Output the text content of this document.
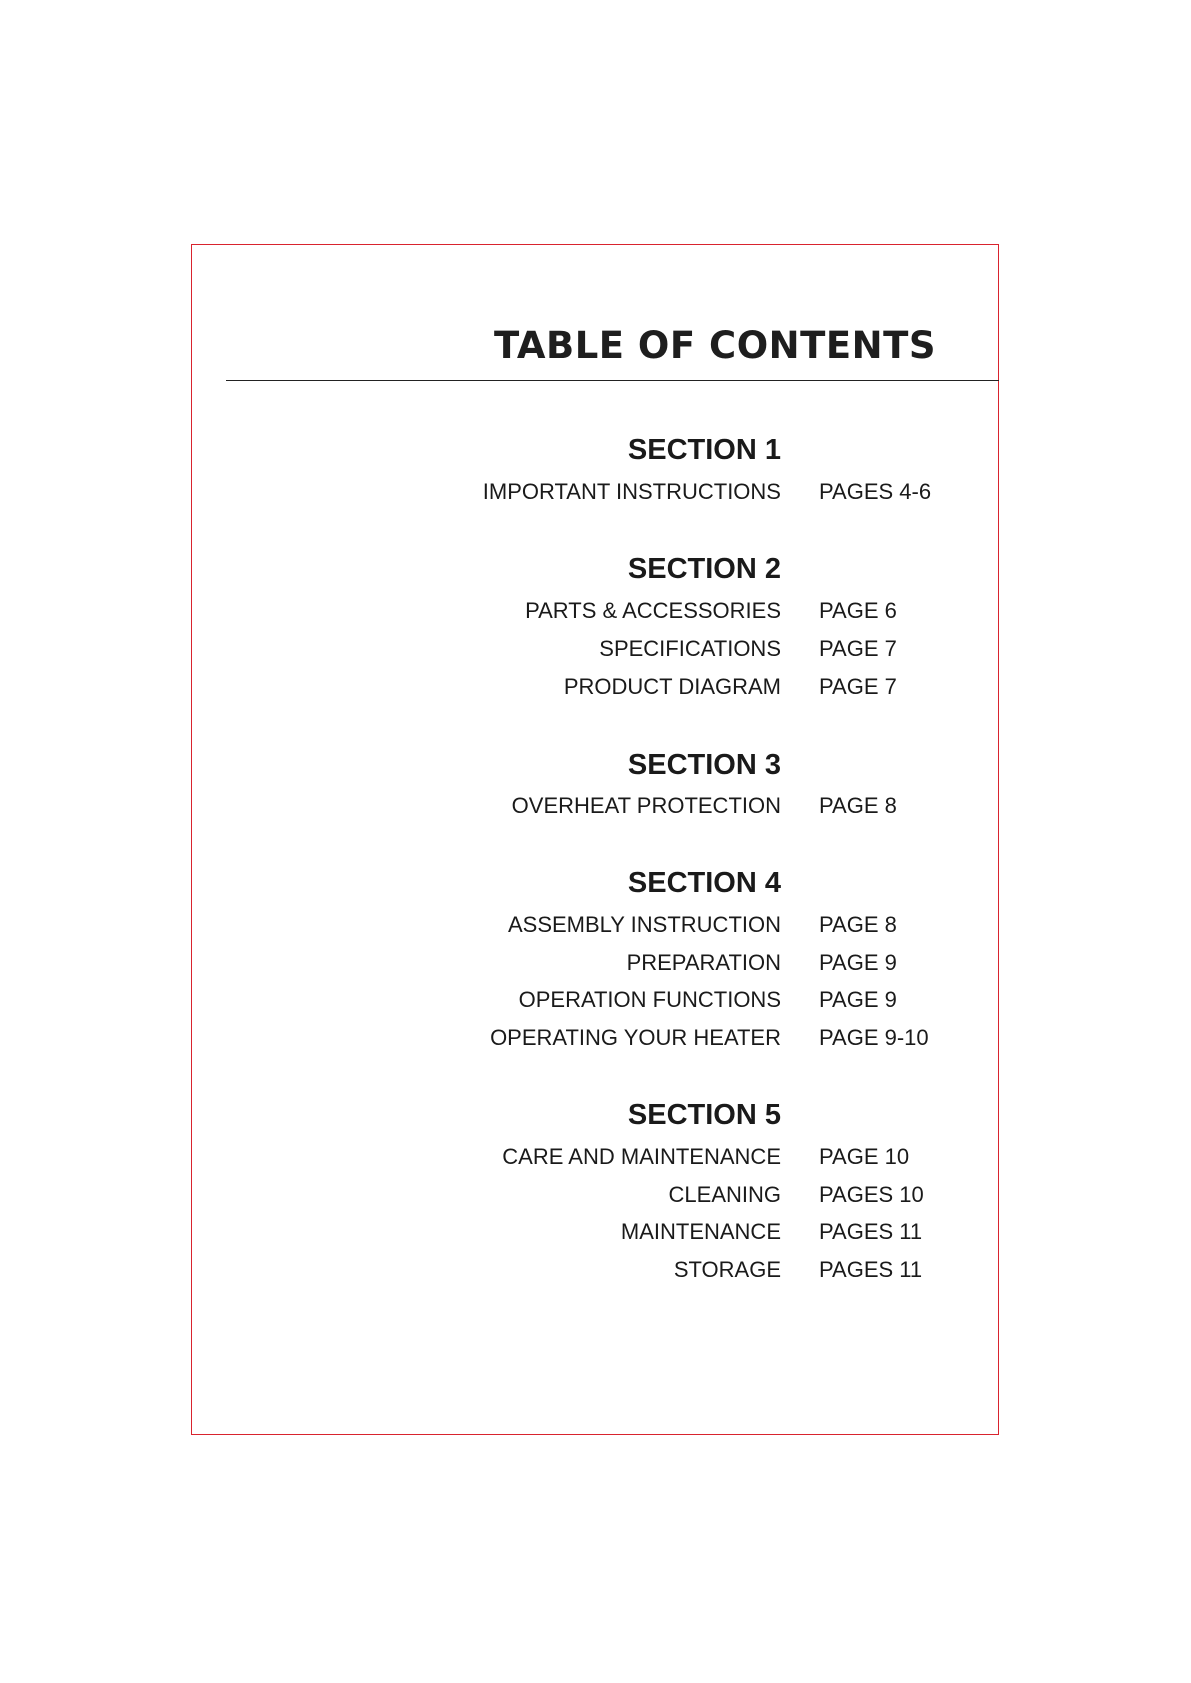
TABLE OF CONTENTS
SECTION 1
IMPORTANT INSTRUCTIONS PAGES 4-6
SECTION 2
PARTS & ACCESSORIES PAGE 6
SPECIFICATIONS PAGE 7
PRODUCT DIAGRAM PAGE 7
SECTION 3
OVERHEAT PROTECTION PAGE 8
SECTION 4
ASSEMBLY INSTRUCTION PAGE 8
PREPARATION PAGE 9
OPERATION FUNCTIONS PAGE 9
OPERATING YOUR HEATER PAGE 9-10
SECTION 5
CARE AND MAINTENANCE PAGE 10
CLEANING PAGES 10
MAINTENANCE PAGES 11
STORAGE PAGES 11
